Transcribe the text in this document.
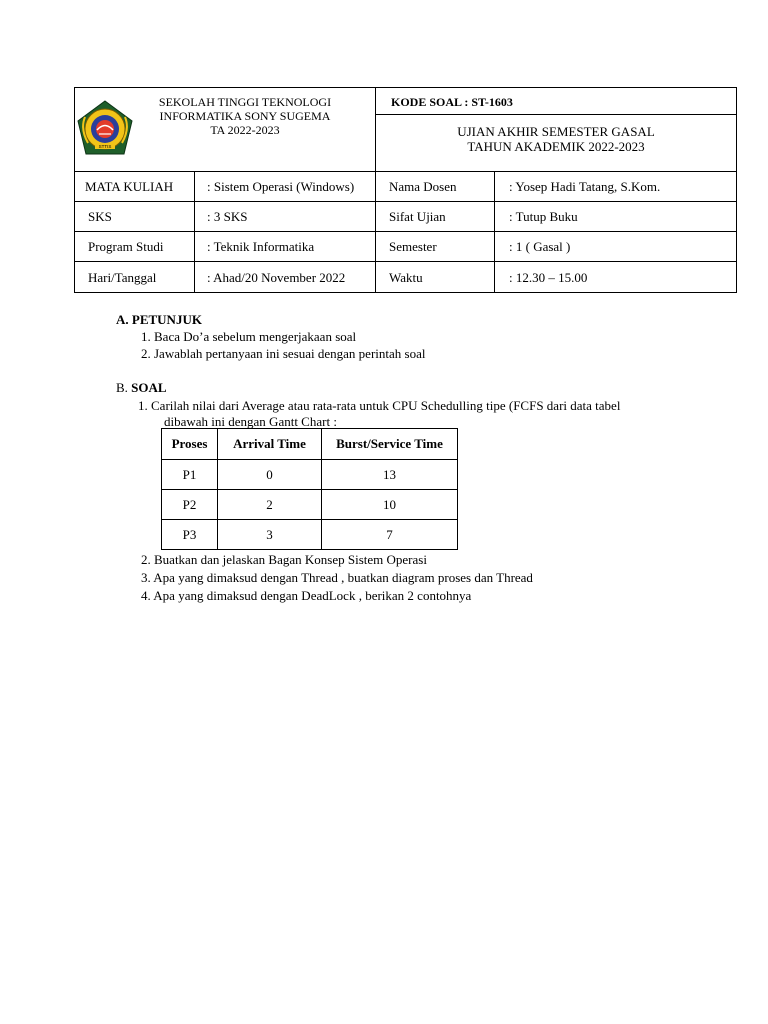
STTIS
SEKOLAH TINGGI TEKNOLOGI
INFORMATIKA SONY SUGEMA
TA 2022-2023
KODE SOAL : ST-1603
UJIAN AKHIR SEMESTER GASAL
TAHUN AKADEMIK 2022-2023
MATA KULIAH	: Sistem Operasi (Windows)	Nama Dosen	: Yosep Hadi Tatang, S.Kom.
SKS	: 3 SKS	Sifat Ujian	: Tutup Buku
Program Studi	: Teknik Informatika	Semester	: 1 ( Gasal )
Hari/Tanggal	: Ahad/20 November 2022	Waktu	: 12.30 – 15.00
A. PETUNJUK
1. Baca Do’a sebelum mengerjakaan soal
2. Jawablah pertanyaan ini sesuai dengan perintah soal
B. SOAL
1. Carilah nilai dari Average atau rata-rata untuk CPU Schedulling tipe (FCFS dari data tabel
dibawah ini dengan Gantt Chart :
Proses	Arrival Time	Burst/Service Time
P1	0	13
P2	2	10
P3	3	7
2. Buatkan dan jelaskan Bagan Konsep Sistem Operasi
3. Apa yang dimaksud dengan Thread , buatkan diagram proses dan Thread
4. Apa yang dimaksud dengan DeadLock , berikan 2 contohnya
